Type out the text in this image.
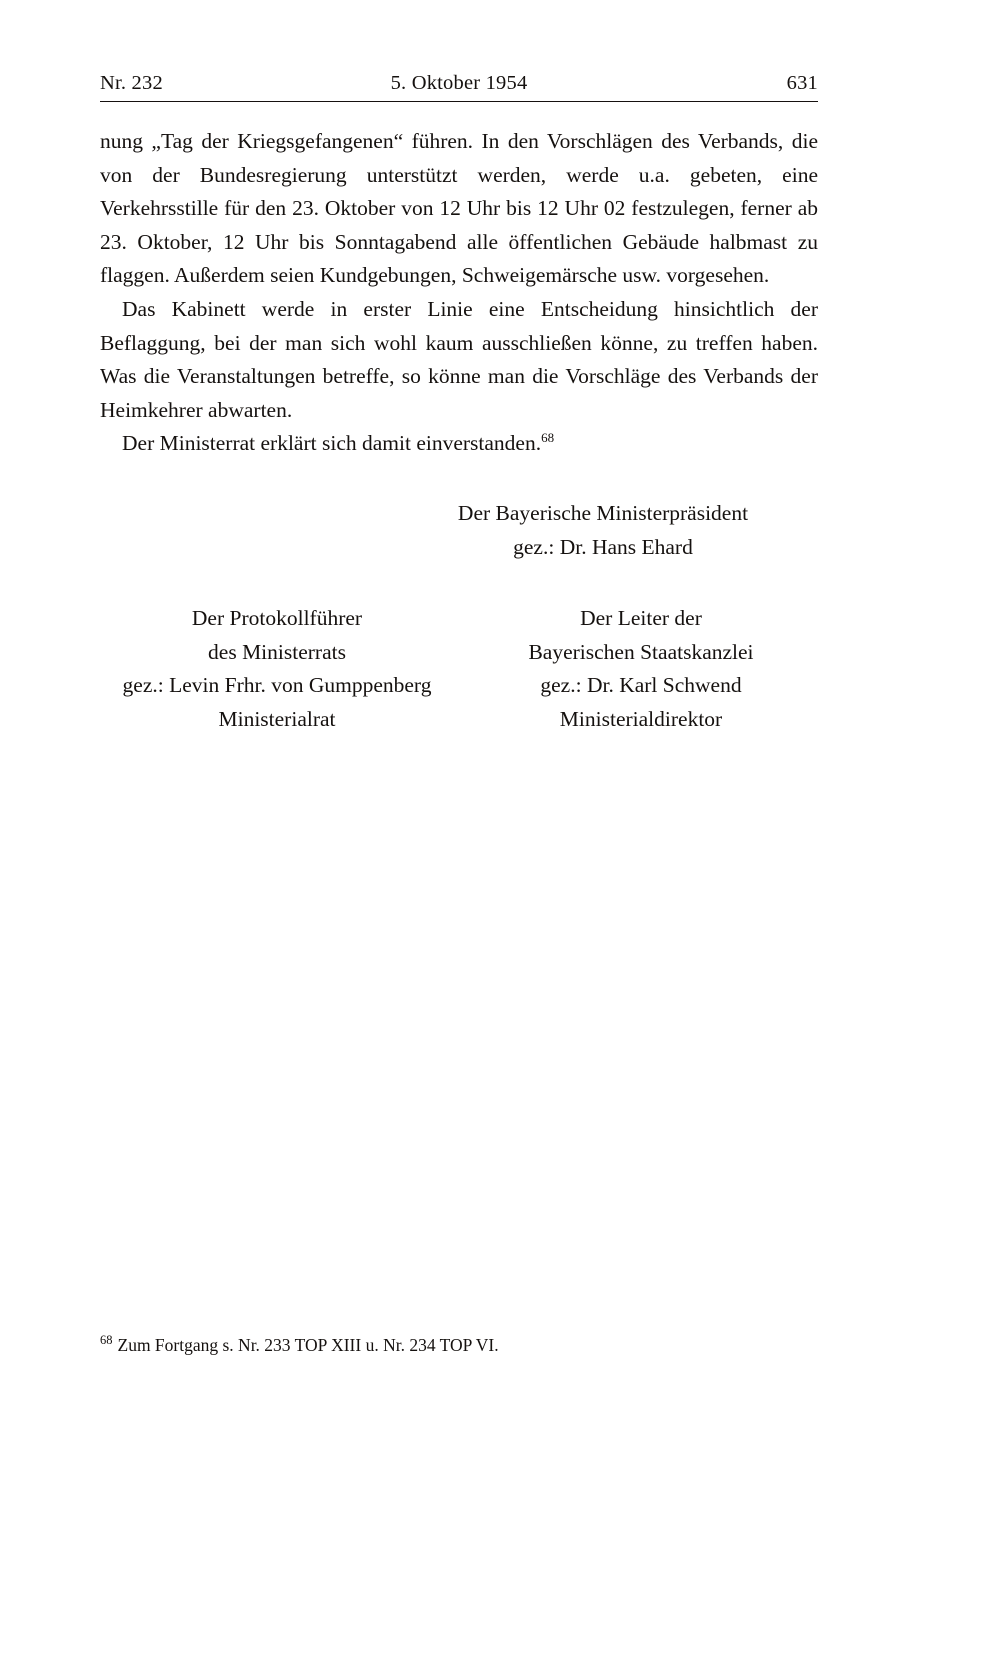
Nr. 232	5. Oktober 1954	631

nung „Tag der Kriegsgefangenen“ führen. In den Vorschlägen des Verbands, die von der Bundesregierung unterstützt werden, werde u.a. gebeten, eine Verkehrsstille für den 23. Oktober von 12 Uhr bis 12 Uhr 02 festzulegen, ferner ab 23. Oktober, 12 Uhr bis Sonntagabend alle öffentlichen Gebäude halbmast zu flaggen. Außerdem seien Kundgebungen, Schweigemärsche usw. vorgesehen.

Das Kabinett werde in erster Linie eine Entscheidung hinsichtlich der Beflaggung, bei der man sich wohl kaum ausschließen könne, zu treffen haben. Was die Veranstaltungen betreffe, so könne man die Vorschläge des Verbands der Heimkehrer abwarten.

Der Ministerrat erklärt sich damit einverstanden.$^{68}$

Der Bayerische Ministerpräsident
gez.: Dr. Hans Ehard
Der Protokollführer
des Ministerrats
gez.: Levin Frhr. von Gumppenberg
Ministerialrat
Der Leiter der
Bayerischen Staatskanzlei
gez.: Dr. Karl Schwend
Ministerialdirektor
$^{68}$ Zum Fortgang s. Nr. 233 TOP XIII u. Nr. 234 TOP VI.
